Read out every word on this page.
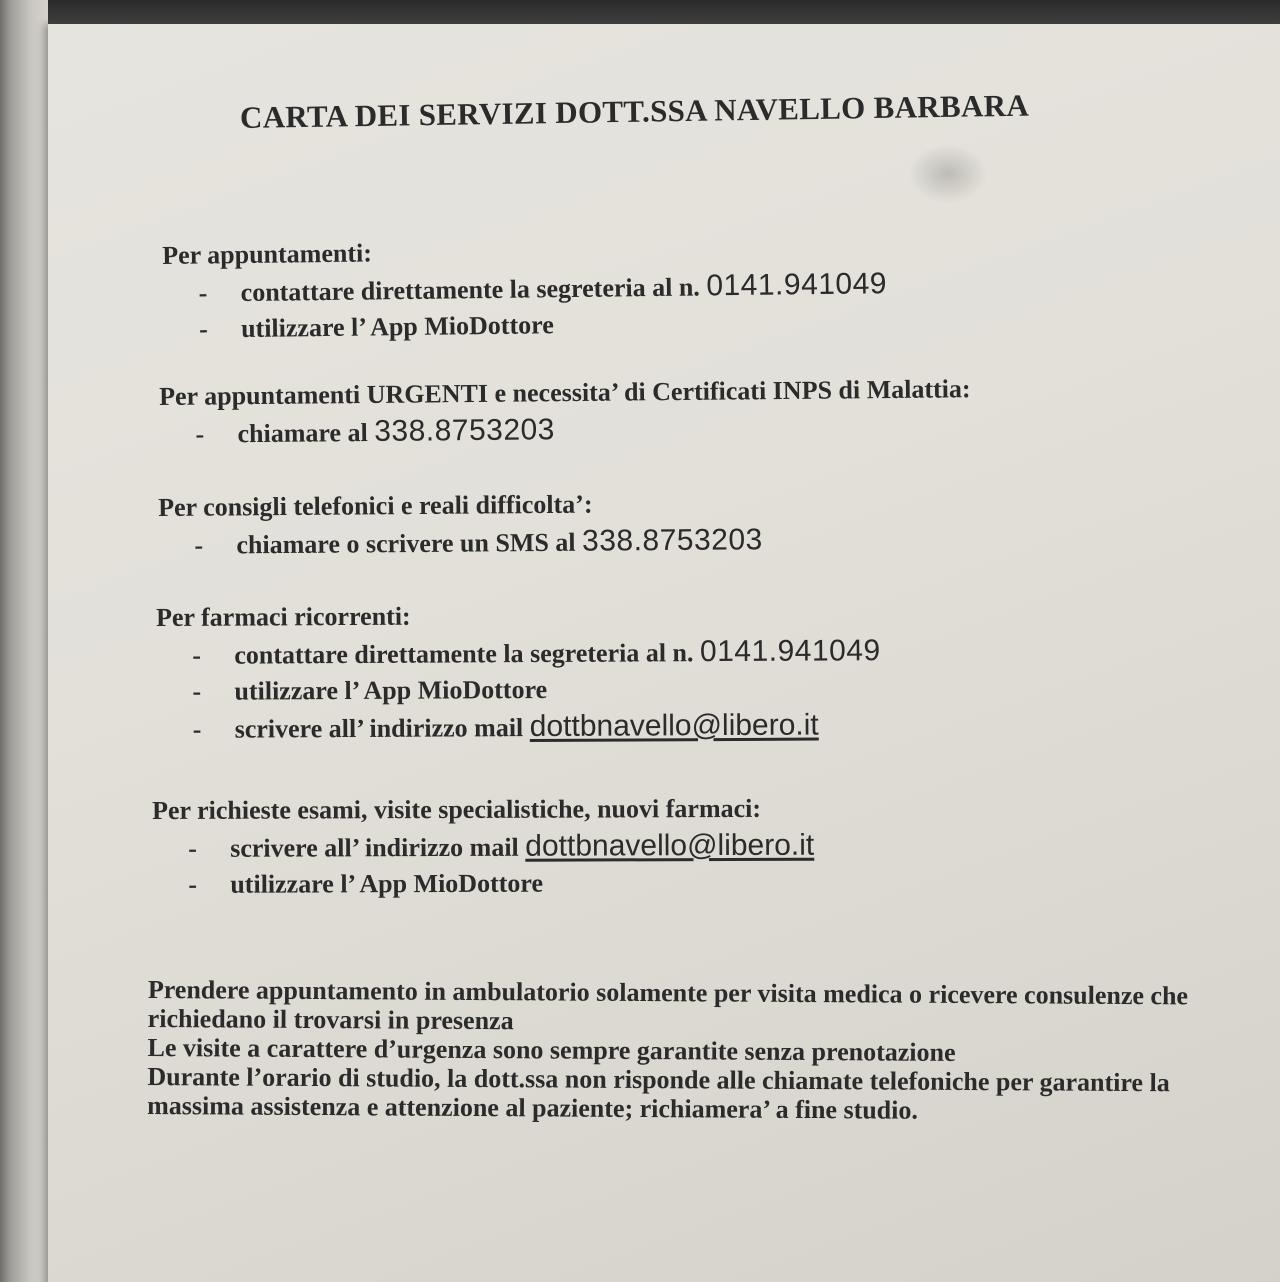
CARTA DEI SERVIZI DOTT.SSA NAVELLO BARBARA
Per appuntamenti:
- contattare direttamente la segreteria al n. 0141.941049
- utilizzare l’ App MioDottore
Per appuntamenti URGENTI e necessita’ di Certificati INPS di Malattia:
- chiamare al 338.8753203
Per consigli telefonici e reali difficolta’:
- chiamare o scrivere un SMS al 338.8753203
Per farmaci ricorrenti:
- contattare direttamente la segreteria al n. 0141.941049
- utilizzare l’ App MioDottore
- scrivere all’ indirizzo mail dottbnavello@libero.it
Per richieste esami, visite specialistiche, nuovi farmaci:
- scrivere all’ indirizzo mail dottbnavello@libero.it
- utilizzare l’ App MioDottore

Prendere appuntamento in ambulatorio solamente per visita medica o ricevere consulenze che richiedano il trovarsi in presenza

Le visite a carattere d’urgenza sono sempre garantite senza prenotazione

Durante l’orario di studio, la dott.ssa non risponde alle chiamate telefoniche per garantire la massima assistenza e attenzione al paziente; richiamera’ a fine studio.
